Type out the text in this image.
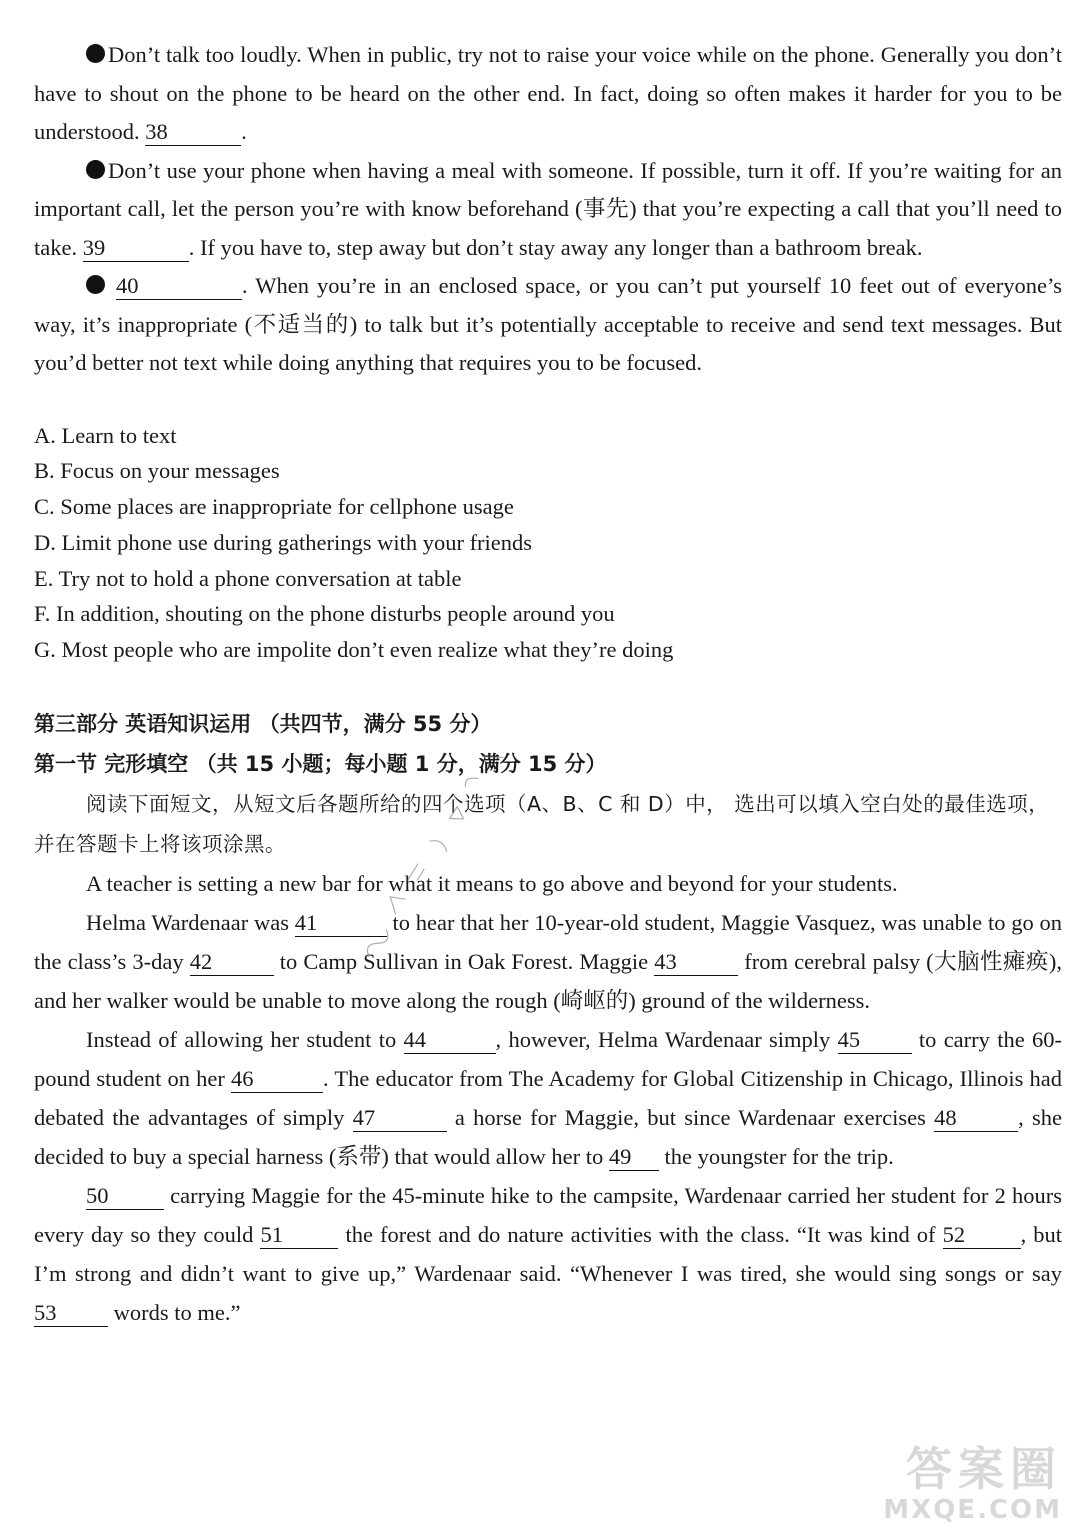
Don’t talk too loudly. When in public, try not to raise your voice while on the phone. Generally you don’t have to shout on the phone to be heard on the other end. In fact, doing so often makes it harder for you to be understood. 38	.

Don’t use your phone when having a meal with someone. If possible, turn it off. If you’re waiting for an important call, let the person you’re with know beforehand (事先) that you’re expecting a call that you’ll need to take. 39	. If you have to, step away but don’t stay away any longer than a bathroom break.

40	. When you’re in an enclosed space, or you can’t put yourself 10 feet out of everyone’s way, it’s inappropriate (不适当的) to talk but it’s potentially acceptable to receive and send text messages. But you’d better not text while doing anything that requires you to be focused.

A. Learn to text

B. Focus on your messages

C. Some places are inappropriate for cellphone usage

D. Limit phone use during gatherings with your friends

E. Try not to hold a phone conversation at table

F. In addition, shouting on the phone disturbs people around you

G. Most people who are impolite don’t even realize what they’re doing

第三部分 英语知识运用 （共四节，满分 55 分）

第一节 完形填空 （共 15 小题；每小题 1 分，满分 15 分）

阅读下面短文，从短文后各题所给的四个选项（A、B、C 和 D）中， 选出可以填入空白处的最佳选项，并在答题卡上将该项涂黑。

A teacher is setting a new bar for what it means to go above and beyond for your students.

Helma Wardenaar was 41	to hear that her 10-year-old student, Maggie Vasquez, was unable to go on the class’s 3-day 42	to Camp Sullivan in Oak Forest. Maggie 43	from cerebral palsy (大脑性瘫痪), and her walker would be unable to move along the rough (崎岖的) ground of the wilderness.

Instead of allowing her student to 44	, however, Helma Wardenaar simply 45 to carry the 60-pound student on her 46	. The educator from The Academy for Global Citizenship in Chicago, Illinois had debated the advantages of simply 47	a horse for Maggie, but since Wardenaar exercises 48	, she decided to buy a special harness (系带) that would allow her to 49 the youngster for the trip.

50 carrying Maggie for the 45-minute hike to the campsite, Wardenaar carried her student for 2 hours every day so they could 51 the forest and do nature activities with the class. “It was kind of 52 , but I’m strong and didn’t want to give up,” Wardenaar said. “Whenever I was tired, she would sing songs or say 53 words to me.”

答案圈
MXQE.COM
